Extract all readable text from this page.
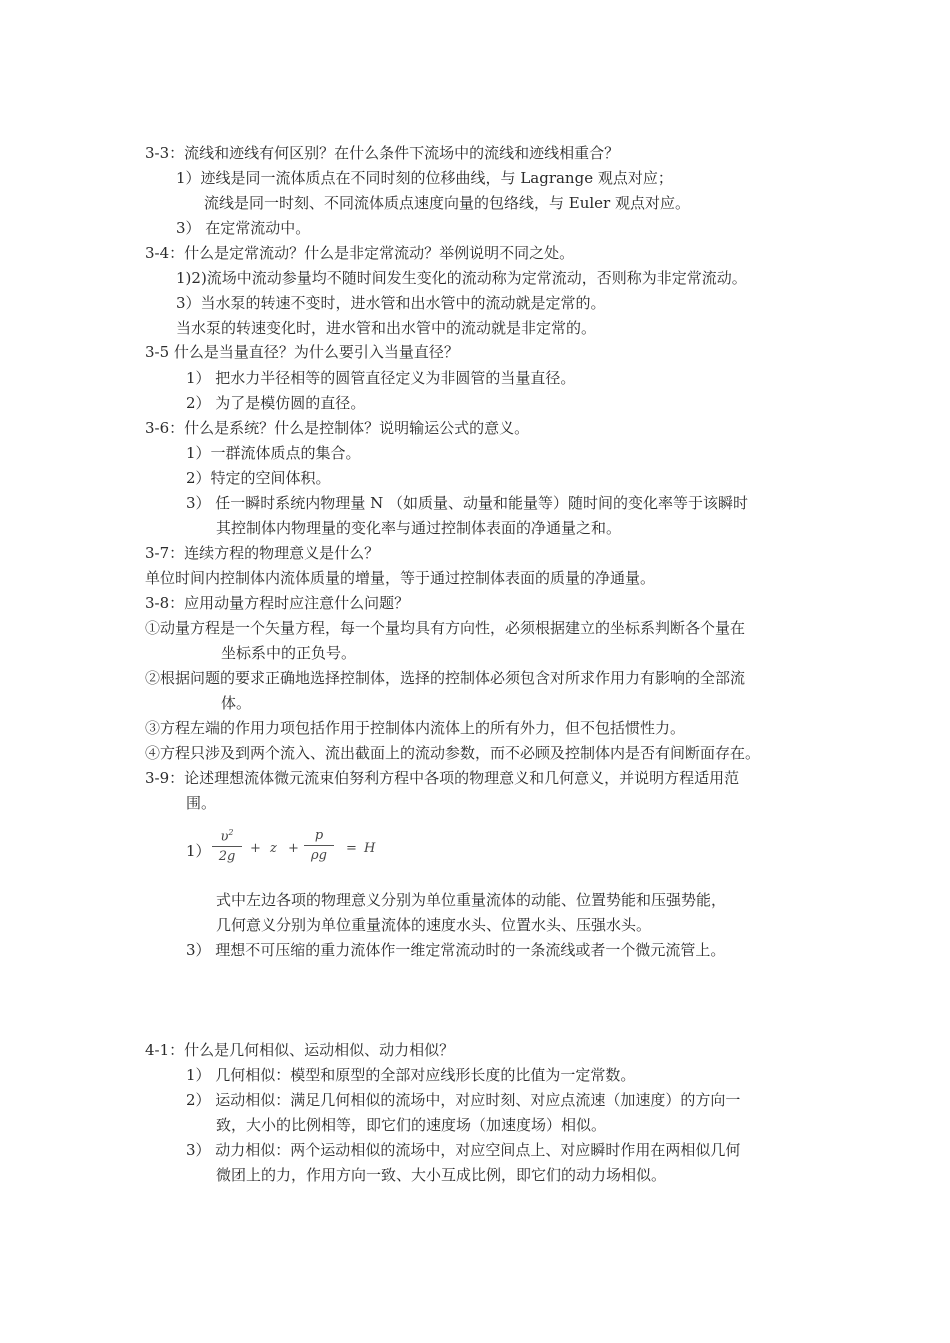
3-3：流线和迹线有何区别？在什么条件下流场中的流线和迹线相重合？
1）迹线是同一流体质点在不同时刻的位移曲线，与 Lagrange 观点对应；
流线是同一时刻、不同流体质点速度向量的包络线，与 Euler 观点对应。
3） 在定常流动中。
3-4：什么是定常流动？什么是非定常流动？举例说明不同之处。
1)2)流场中流动参量均不随时间发生变化的流动称为定常流动，否则称为非定常流动。
3）当水泵的转速不变时，进水管和出水管中的流动就是定常的。
当水泵的转速变化时，进水管和出水管中的流动就是非定常的。
3-5 什么是当量直径？为什么要引入当量直径？
1） 把水力半径相等的圆管直径定义为非圆管的当量直径。
2） 为了是模仿圆的直径。
3-6：什么是系统？什么是控制体？说明输运公式的意义。
1）一群流体质点的集合。
2）特定的空间体积。
3） 任一瞬时系统内物理量 N （如质量、动量和能量等）随时间的变化率等于该瞬时
其控制体内物理量的变化率与通过控制体表面的净通量之和。
3-7：连续方程的物理意义是什么？
单位时间内控制体内流体质量的增量，等于通过控制体表面的质量的净通量。
3-8：应用动量方程时应注意什么问题？
①动量方程是一个矢量方程，每一个量均具有方向性，必须根据建立的坐标系判断各个量在
坐标系中的正负号。
②根据问题的要求正确地选择控制体，选择的控制体必须包含对所求作用力有影响的全部流
体。
③方程左端的作用力项包括作用于控制体内流体上的所有外力，但不包括惯性力。
④方程只涉及到两个流入、流出截面上的流动参数，而不必顾及控制体内是否有间断面存在。
3-9：论述理想流体微元流束伯努利方程中各项的物理意义和几何意义，并说明方程适用范
围。
1）
$\upsilon^2$
2g
+ z +
p
ρg	= H
式中左边各项的物理意义分别为单位重量流体的动能、位置势能和压强势能，
几何意义分别为单位重量流体的速度水头、位置水头、压强水头。
3） 理想不可压缩的重力流体作一维定常流动时的一条流线或者一个微元流管上。
4-1：什么是几何相似、运动相似、动力相似？
1） 几何相似：模型和原型的全部对应线形长度的比值为一定常数。
2） 运动相似：满足几何相似的流场中，对应时刻、对应点流速（加速度）的方向一
致，大小的比例相等，即它们的速度场（加速度场）相似。
3） 动力相似：两个运动相似的流场中，对应空间点上、对应瞬时作用在两相似几何
微团上的力，作用方向一致、大小互成比例，即它们的动力场相似。
